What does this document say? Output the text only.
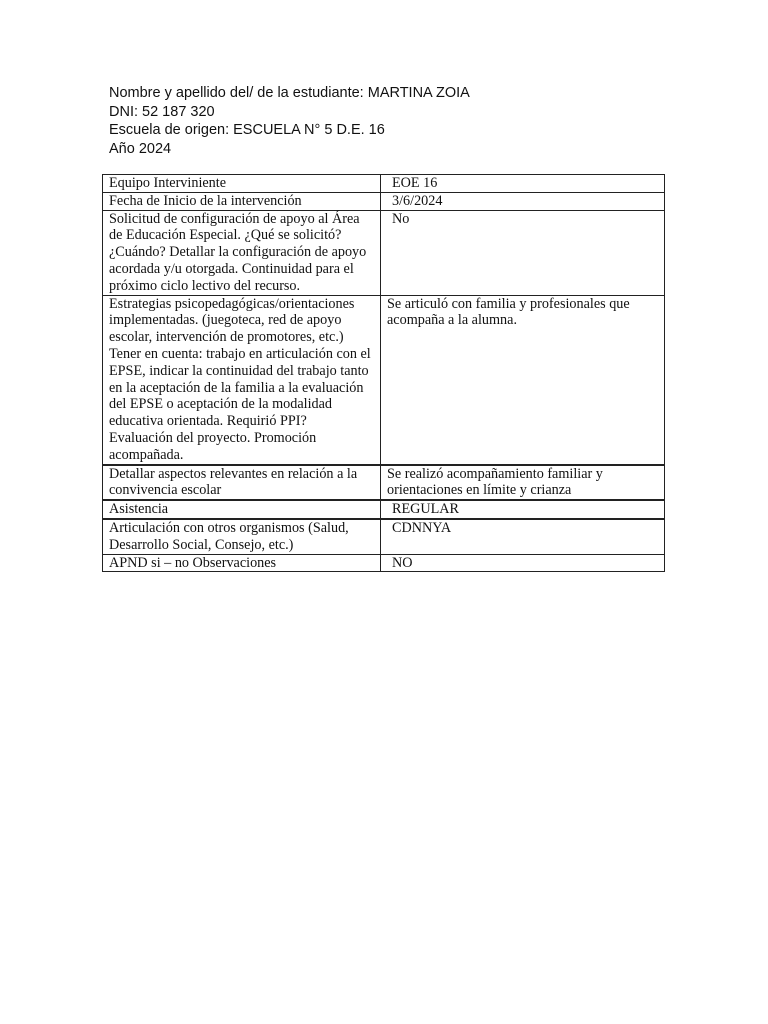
Nombre y apellido del/ de la estudiante: MARTINA ZOIA
DNI: 52 187 320
Escuela de origen: ESCUELA N° 5 D.E. 16
Año 2024
Equipo Interviniente	EOE 16
Fecha de Inicio de la intervención	3/6/2024
Solicitud de configuración de apoyo al Área de Educación Especial. ¿Qué se solicitó? ¿Cuándo? Detallar la configuración de apoyo acordada y/u otorgada. Continuidad para el próximo ciclo lectivo del recurso.	No
Estrategias psicopedagógicas/orientaciones implementadas. (juegoteca, red de apoyo escolar, intervención de promotores, etc.) Tener en cuenta: trabajo en articulación con el EPSE, indicar la continuidad del trabajo tanto en la aceptación de la familia a la evaluación del EPSE o aceptación de la modalidad educativa orientada. Requirió PPI? Evaluación del proyecto. Promoción acompañada.	Se articuló con familia y profesionales que acompaña a la alumna.
Detallar aspectos relevantes en relación a la convivencia escolar	Se realizó acompañamiento familiar y orientaciones en límite y crianza
Asistencia	REGULAR
Articulación con otros organismos (Salud, Desarrollo Social, Consejo, etc.)	CDNNYA
APND si – no Observaciones	NO
